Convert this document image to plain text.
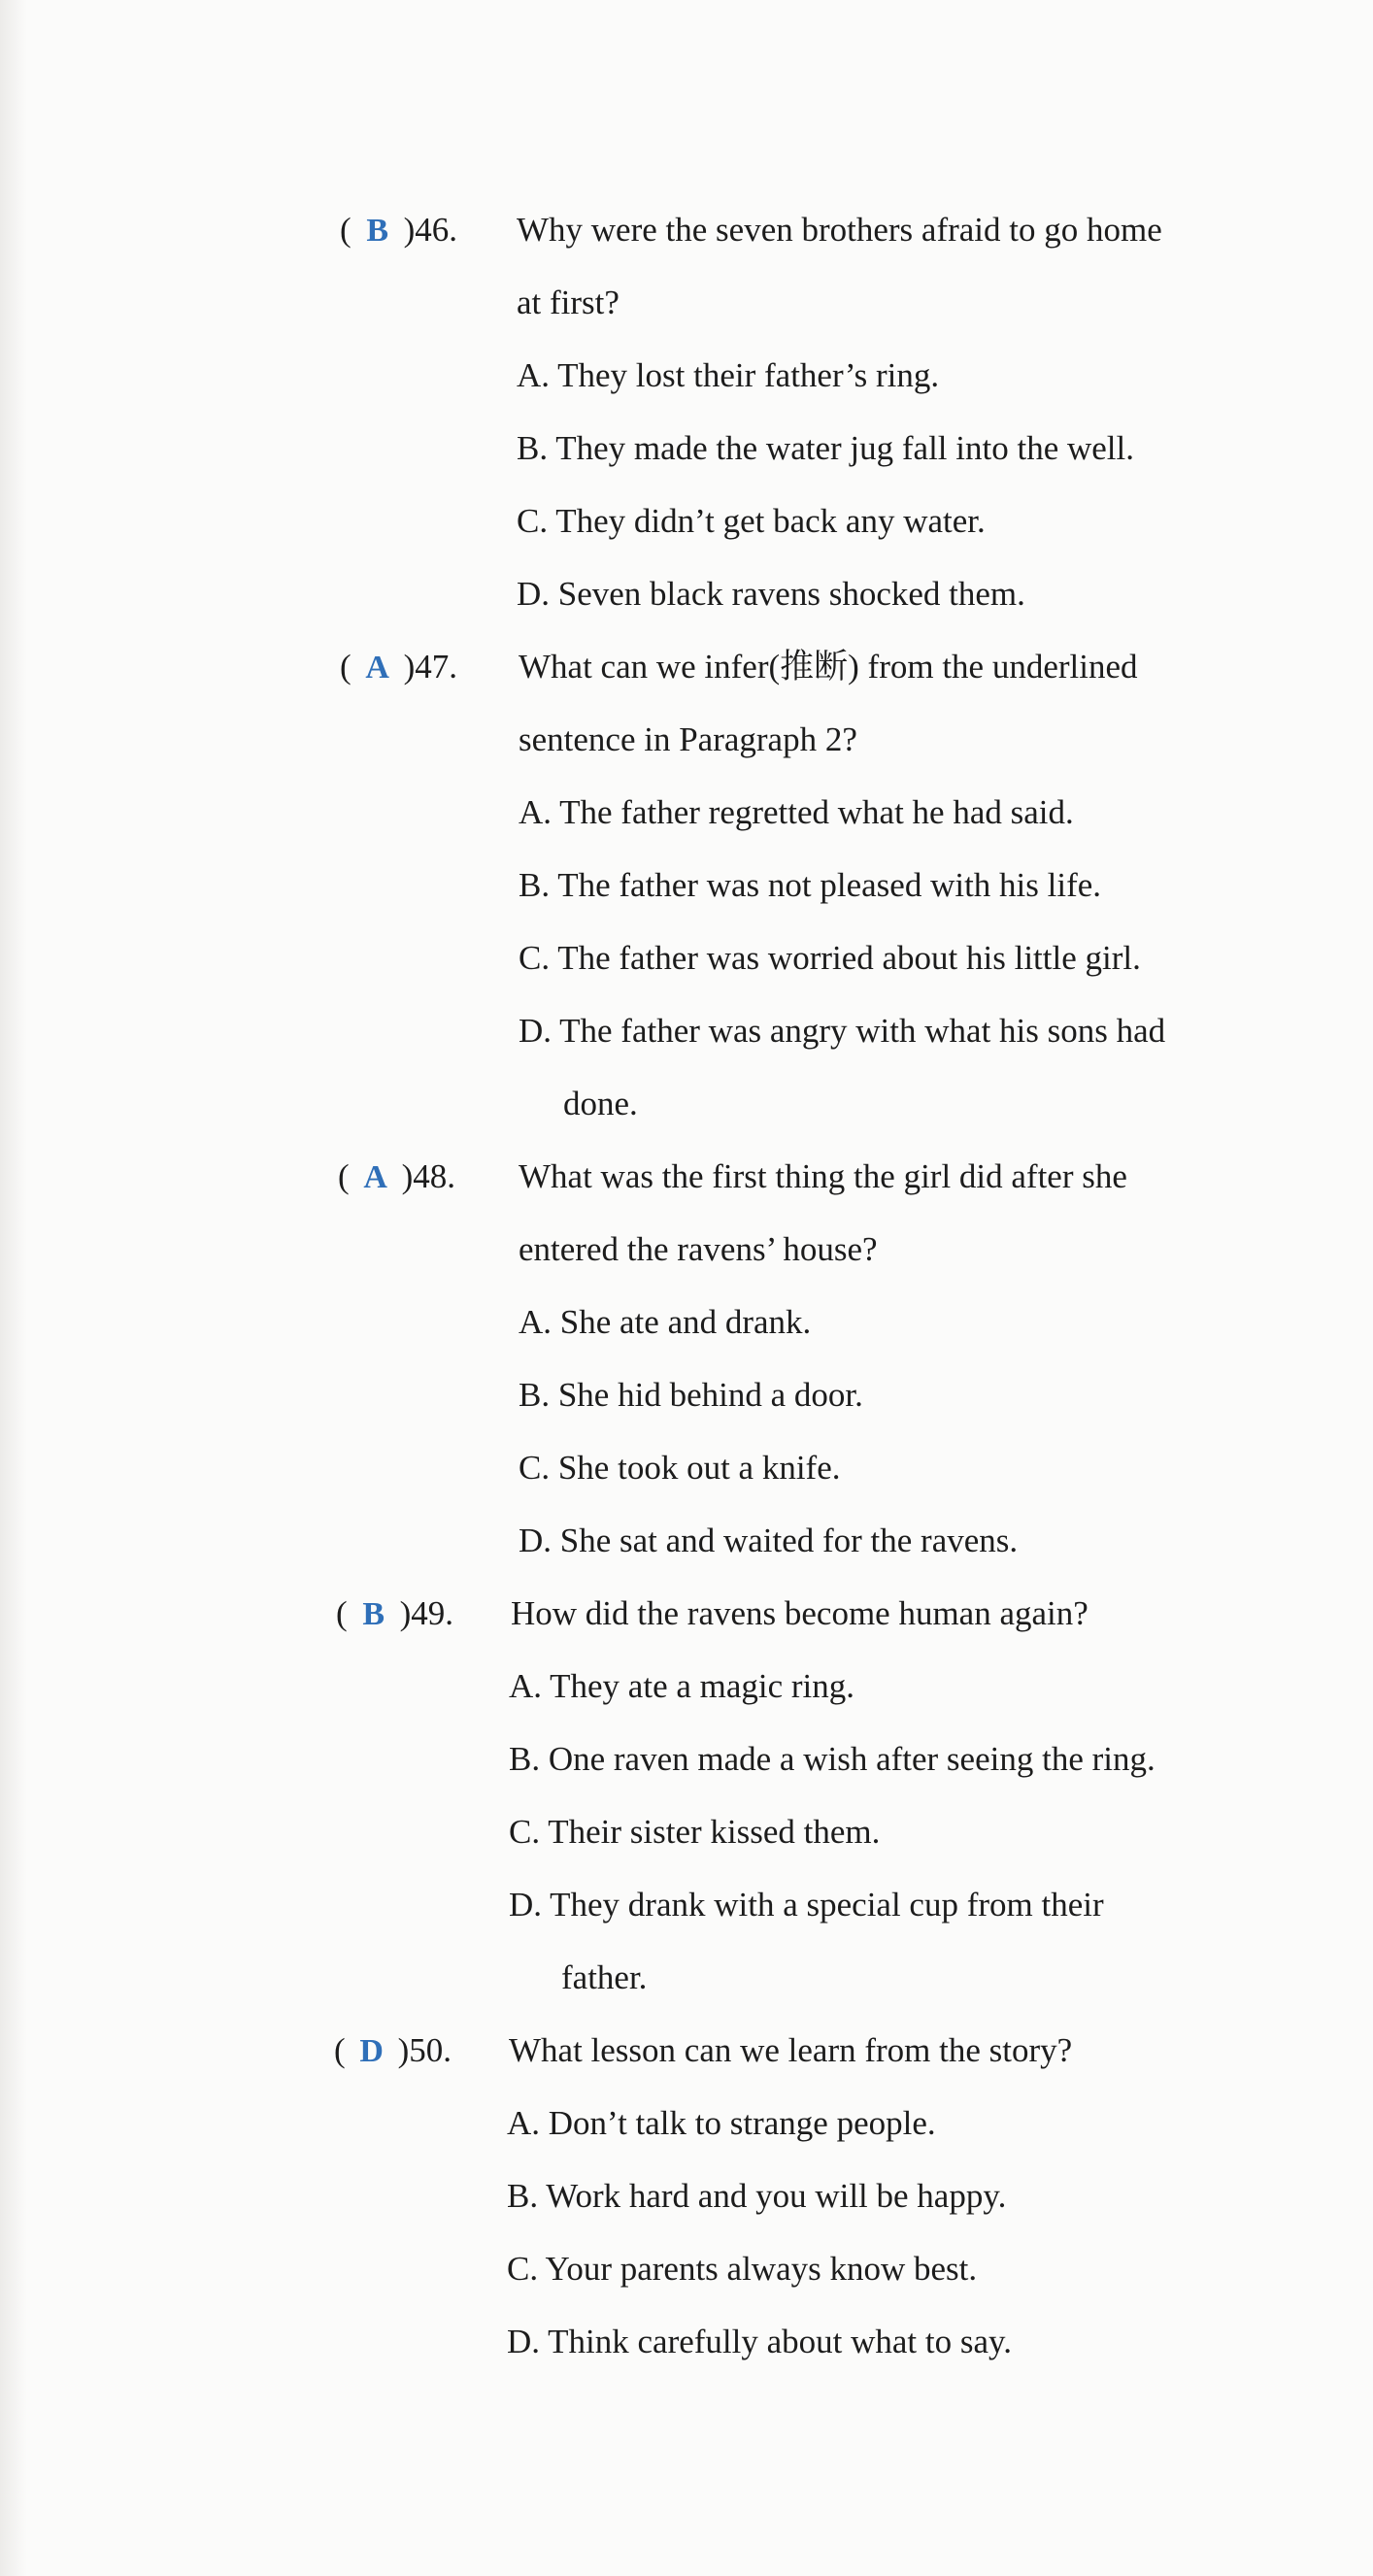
( B )46. Why were the seven brothers afraid to go home
at first?
A. They lost their father’s ring.
B. They made the water jug fall into the well.
C. They didn’t get back any water.
D. Seven black ravens shocked them.
( A )47. What can we infer(推断) from the underlined
sentence in Paragraph 2?
A. The father regretted what he had said.
B. The father was not pleased with his life.
C. The father was worried about his little girl.
D. The father was angry with what his sons had
done.
( A )48. What was the first thing the girl did after she
entered the ravens’ house?
A. She ate and drank.
B. She hid behind a door.
C. She took out a knife.
D. She sat and waited for the ravens.
( B )49. How did the ravens become human again?
A. They ate a magic ring.
B. One raven made a wish after seeing the ring.
C. Their sister kissed them.
D. They drank with a special cup from their
father.
( D )50. What lesson can we learn from the story?
A. Don’t talk to strange people.
B. Work hard and you will be happy.
C. Your parents always know best.
D. Think carefully about what to say.
